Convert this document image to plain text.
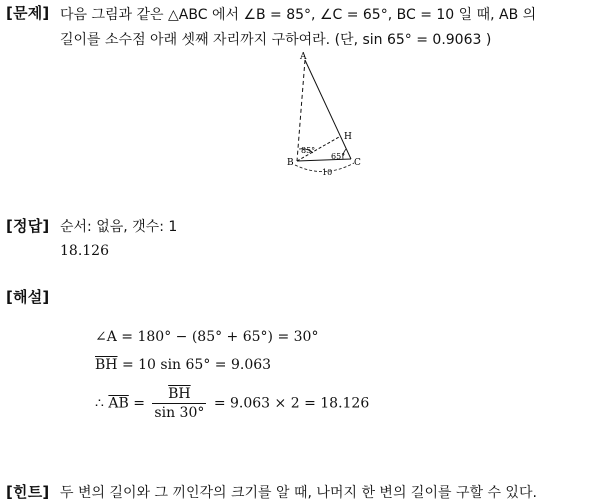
[문제] 다음 그림과 같은 △ABC 에서 ∠B = 85°, ∠C = 65°, BC = 10 일 때, AB 의
길이를 소수점 아래 셋째 자리까지 구하여라. (단, sin 65° = 0.9063 )
A
H
B	C
85°
65°
10
[정답] 순서: 없음, 갯수: 1
18.126
[해설]
∠A = 180° − (85° + 65°) = 30°
$\overline{BH} = 10$ sin 65° = 9.063
∴ $\overline{AB} = \frac{\overline{BH}}{\sin 30^\circ} = 9.063 \times 2 = 18.126$
[힌트] 두 변의 길이와 그 끼인각의 크기를 알 때, 나머지 한 변의 길이를 구할 수 있다.
